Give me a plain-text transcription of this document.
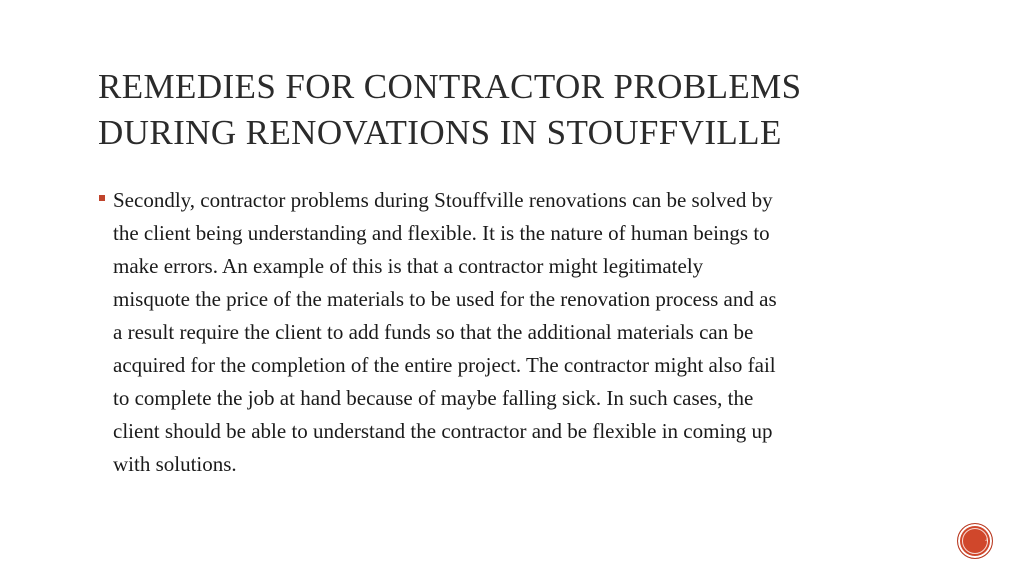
REMEDIES FOR CONTRACTOR PROBLEMS
DURING RENOVATIONS IN STOUFFVILLE
Secondly, contractor problems during Stouffville renovations can be solved by
the client being understanding and flexible. It is the nature of human beings to
make errors. An example of this is that a contractor might legitimately
misquote the price of the materials to be used for the renovation process and as
a result require the client to add funds so that the additional materials can be
acquired for the completion of the entire project. The contractor might also fail
to complete the job at hand because of maybe falling sick. In such cases, the
client should be able to understand the contractor and be flexible in coming up
with solutions.
4
